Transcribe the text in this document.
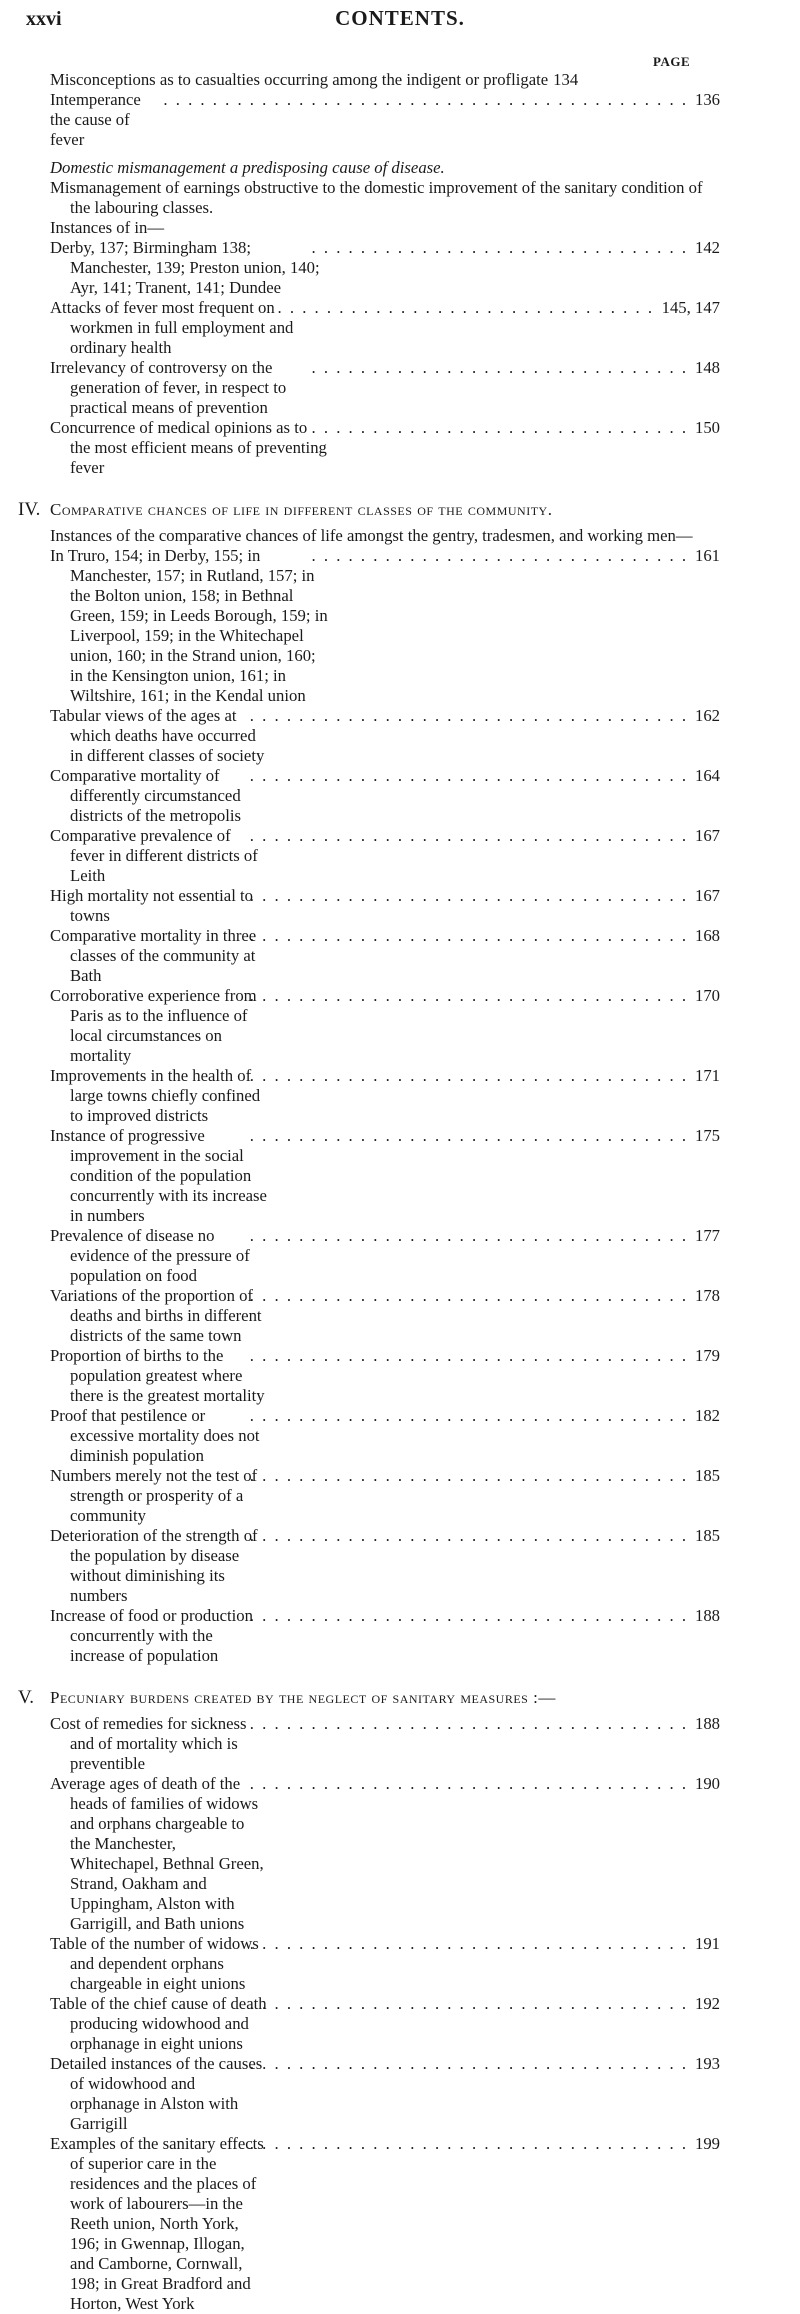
xxvi	CONTENTS.
PAGE
Misconceptions as to casualties occurring among the indigent or profligate 134
Intemperance the cause of fever
. . . . . . . . . . . . . . . . . . . . . . . . . . . . . . . . . . . . . . . . . . . 136
Domestic mismanagement a predisposing cause of disease.
Mismanagement of earnings obstructive to the domestic improvement of the sanitary condition of the labouring classes.
Instances of in—
Derby, 137; Birmingham 138; Manchester, 139; Preston union, 140; Ayr, 141; Tranent, 141; Dundee
. . . . . . . . . . . . . . . . . . . . . . . . . . . . . . . 142
Attacks of fever most frequent on workmen in full employment and ordinary health
. . . . . . . . . . . . . . . . . . . . . . . . . . . . . . . 145, 147
Irrelevancy of controversy on the generation of fever, in respect to practical means of prevention
. . . . . . . . . . . . . . . . . . . . . . . . . . . . . . . 148
Concurrence of medical opinions as to the most efficient means of preventing fever
. . . . . . . . . . . . . . . . . . . . . . . . . . . . . . . 150
IV. Comparative chances of life in different classes of the community.
Instances of the comparative chances of life amongst the gentry, tradesmen, and working men—
In Truro, 154; in Derby, 155; in Manchester, 157; in Rutland, 157; in the Bolton union, 158; in Bethnal Green, 159; in Leeds Borough, 159; in Liverpool, 159; in the Whitechapel union, 160; in the Strand union, 160; in the Kensington union, 161; in Wiltshire, 161; in the Kendal union
. . . . . . . . . . . . . . . . . . . . . . . . . . . . . . . 161
Tabular views of the ages at which deaths have occurred in different classes of society
. . . . . . . . . . . . . . . . . . . . . . . . . . . . . . . . . . . . 162
Comparative mortality of differently circumstanced districts of the metropolis
. . . . . . . . . . . . . . . . . . . . . . . . . . . . . . . . . . . . 164
Comparative prevalence of fever in different districts of Leith
. . . . . . . . . . . . . . . . . . . . . . . . . . . . . . . . . . . . 167
High mortality not essential to towns
. . . . . . . . . . . . . . . . . . . . . . . . . . . . . . . . . . . . 167
Comparative mortality in three classes of the community at Bath
. . . . . . . . . . . . . . . . . . . . . . . . . . . . . . . . . . . . 168
Corroborative experience from Paris as to the influence of local circumstances on mortality
. . . . . . . . . . . . . . . . . . . . . . . . . . . . . . . . . . . . 170
Improvements in the health of large towns chiefly confined to improved districts
. . . . . . . . . . . . . . . . . . . . . . . . . . . . . . . . . . . . 171
Instance of progressive improvement in the social condition of the population concurrently with its increase in numbers
. . . . . . . . . . . . . . . . . . . . . . . . . . . . . . . . . . . . 175
Prevalence of disease no evidence of the pressure of population on food
. . . . . . . . . . . . . . . . . . . . . . . . . . . . . . . . . . . . 177
Variations of the proportion of deaths and births in different districts of the same town
. . . . . . . . . . . . . . . . . . . . . . . . . . . . . . . . . . . . 178
Proportion of births to the population greatest where there is the greatest mortality
. . . . . . . . . . . . . . . . . . . . . . . . . . . . . . . . . . . . 179
Proof that pestilence or excessive mortality does not diminish population
. . . . . . . . . . . . . . . . . . . . . . . . . . . . . . . . . . . . 182
Numbers merely not the test of strength or prosperity of a community
. . . . . . . . . . . . . . . . . . . . . . . . . . . . . . . . . . . . 185
Deterioration of the strength of the population by disease without diminishing its numbers
. . . . . . . . . . . . . . . . . . . . . . . . . . . . . . . . . . . . 185
Increase of food or production concurrently with the increase of population
. . . . . . . . . . . . . . . . . . . . . . . . . . . . . . . . . . . . 188
V. Pecuniary burdens created by the neglect of sanitary measures :—
Cost of remedies for sickness and of mortality which is preventible
. . . . . . . . . . . . . . . . . . . . . . . . . . . . . . . . . . . . 188
Average ages of death of the heads of families of widows and orphans chargeable to the Manchester, Whitechapel, Bethnal Green, Strand, Oakham and Uppingham, Alston with Garrigill, and Bath unions
. . . . . . . . . . . . . . . . . . . . . . . . . . . . . . . . . . . . 190
Table of the number of widows and dependent orphans chargeable in eight unions
. . . . . . . . . . . . . . . . . . . . . . . . . . . . . . . . . . . . 191
Table of the chief cause of death producing widowhood and orphanage in eight unions
. . . . . . . . . . . . . . . . . . . . . . . . . . . . . . . . . . . . 192
Detailed instances of the causes of widowhood and orphanage in Alston with Garrigill
. . . . . . . . . . . . . . . . . . . . . . . . . . . . . . . . . . . . 193
Examples of the sanitary effects of superior care in the residences and the places of work of labourers—in the Reeth union, North York, 196; in Gwennap, Illogan, and Camborne, Cornwall, 198; in Great Bradford and Horton, West York
. . . . . . . . . . . . . . . . . . . . . . . . . . . . . . . . . . . . 199
